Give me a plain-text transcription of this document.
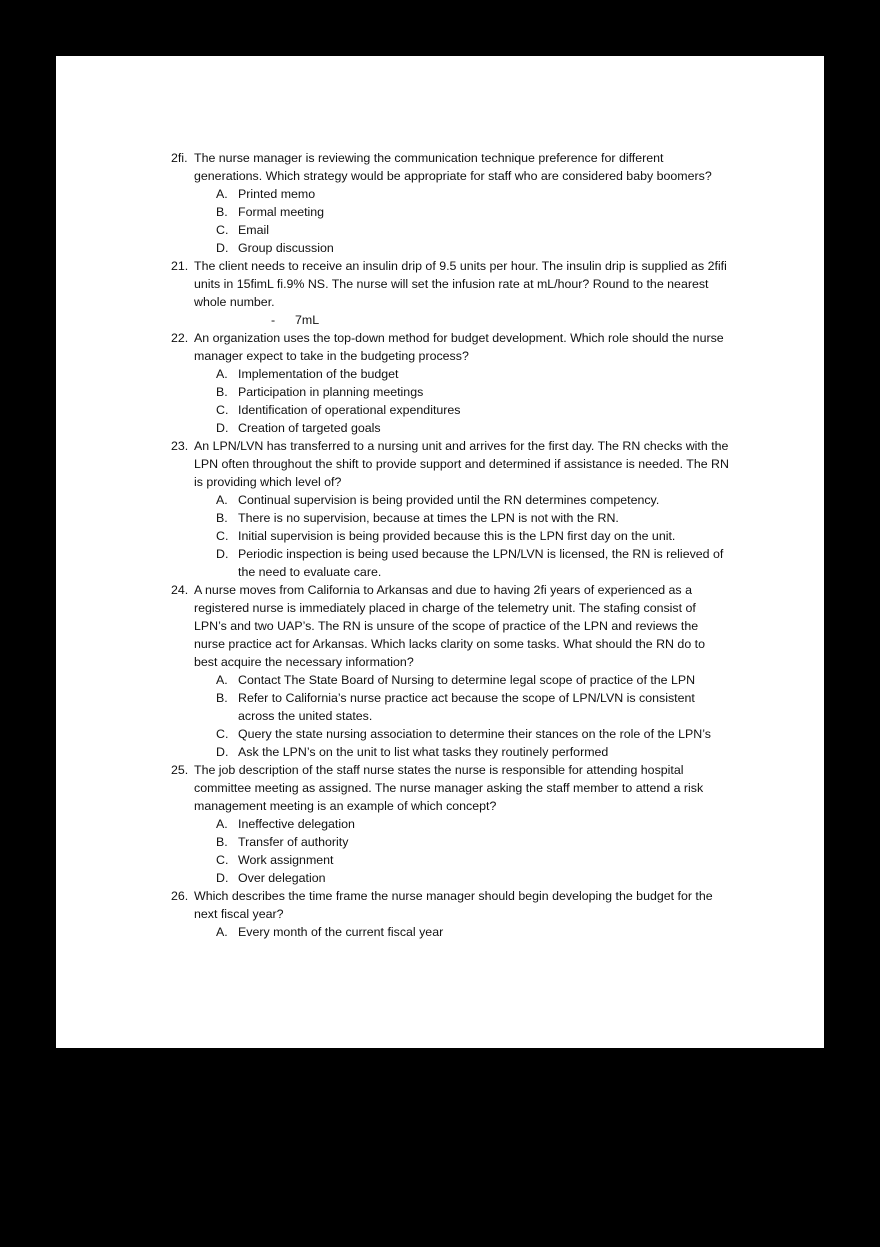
2ﬁ. The nurse manager is reviewing the communication technique preference for different generations. Which strategy would be appropriate for staff who are considered baby boomers?
A. Printed memo
B. Formal meeting
C. Email
D. Group discussion
21. The client needs to receive an insulin drip of 9.5 units per hour. The insulin drip is supplied as 2ﬁﬁ units in 15ﬁmL ﬁ.9% NS. The nurse will set the infusion rate at mL/hour? Round to the nearest whole number.
- 7mL
22. An organization uses the top-down method for budget development. Which role should the nurse manager expect to take in the budgeting process?
A. Implementation of the budget
B. Participation in planning meetings
C. Identification of operational expenditures
D. Creation of targeted goals
23. An LPN/LVN has transferred to a nursing unit and arrives for the first day. The RN checks with the LPN often throughout the shift to provide support and determined if assistance is needed. The RN is providing which level of?
A. Continual supervision is being provided until the RN determines competency.
B. There is no supervision, because at times the LPN is not with the RN.
C. Initial supervision is being provided because this is the LPN first day on the unit.
D. Periodic inspection is being used because the LPN/LVN is licensed, the RN is relieved of the need to evaluate care.
24. A nurse moves from California to Arkansas and due to having 2ﬁ years of experienced as a registered nurse is immediately placed in charge of the telemetry unit. The staﬁng consist of LPN’s and two UAP’s. The RN is unsure of the scope of practice of the LPN and reviews the nurse practice act for Arkansas. Which lacks clarity on some tasks. What should the RN do to best acquire the necessary information?
A. Contact The State Board of Nursing to determine legal scope of practice of the LPN
B. Refer to California’s nurse practice act because the scope of LPN/LVN is consistent across the united states.
C. Query the state nursing association to determine their stances on the role of the LPN’s
D. Ask the LPN’s on the unit to list what tasks they routinely performed
25. The job description of the staff nurse states the nurse is responsible for attending hospital committee meeting as assigned. The nurse manager asking the staff member to attend a risk management meeting is an example of which concept?
A. Ineffective delegation
B. Transfer of authority
C. Work assignment
D. Over delegation
26. Which describes the time frame the nurse manager should begin developing the budget for the next fiscal year?
A. Every month of the current fiscal year
